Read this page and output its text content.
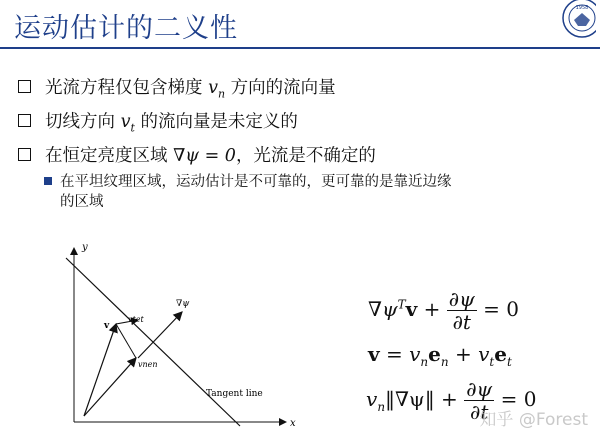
运动估计的二义性
1958
光流方程仅包含梯度 $v_n$ 方向的流向量
切线方向 $v_t$ 的流向量是未定义的
在恒定亮度区域 ∇ψ = 0，光流是不确定的
在平坦纹理区域，运动估计是不可靠的，更可靠的是靠近边缘
的区域
y
x
v
vtet
vnen
∇ψ
Tangent line
$\nabla\psi^Tv + \frac{\partial\psi}{\partial t} = 0$
$v = v_ne_n + v_te_t$
$v_n‖\nabla\psi‖ + \frac{\partial\psi}{\partial t} = 0$
知乎 @Forest
